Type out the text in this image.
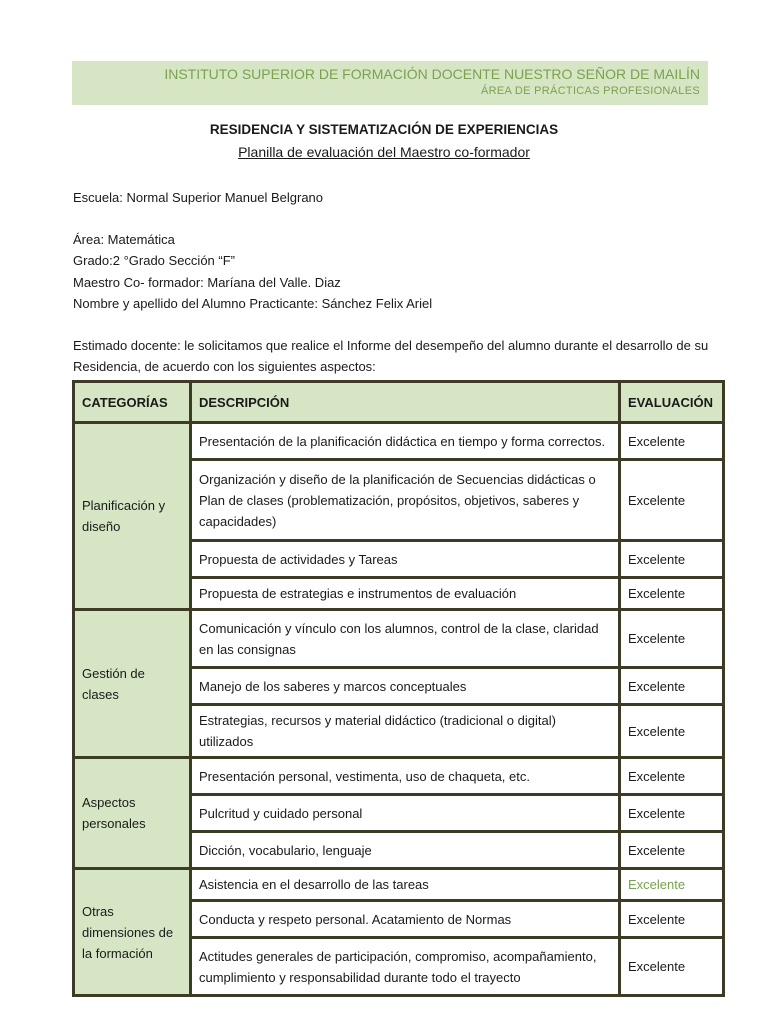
INSTITUTO SUPERIOR DE FORMACIÓN DOCENTE NUESTRO SEÑOR DE MAILÍN
ÁREA DE PRÁCTICAS PROFESIONALES
RESIDENCIA Y SISTEMATIZACIÓN DE EXPERIENCIAS
Planilla de evaluación del Maestro co-formador
Escuela: Normal Superior Manuel Belgrano
Área: Matemática
Grado:2 °Grado Sección “F”
Maestro Co- formador: Maríana del Valle. Diaz
Nombre y apellido del Alumno Practicante: Sánchez Felix Ariel
Estimado docente: le solicitamos que realice el Informe del desempeño del alumno durante el desarrollo de su Residencia, de acuerdo con los siguientes aspectos:
CATEGORÍAS	DESCRIPCIÓN	EVALUACIÓN
Planificación y diseño	Presentación de la planificación didáctica en tiempo y forma correctos.	Excelente
	Organización y diseño de la planificación de Secuencias didácticas o Plan de clases (problematización, propósitos, objetivos, saberes y capacidades)	Excelente
	Propuesta de actividades y Tareas	Excelente
	Propuesta de estrategias e instrumentos de evaluación	Excelente
Gestión de clases	Comunicación y vínculo con los alumnos, control de la clase, claridad en las consignas	Excelente
	Manejo de los saberes y marcos conceptuales	Excelente
	Estrategias, recursos y material didáctico (tradicional o digital) utilizados	Excelente
Aspectos personales	Presentación personal, vestimenta, uso de chaqueta, etc.	Excelente
	Pulcritud y cuidado personal	Excelente
	Dicción, vocabulario, lenguaje	Excelente
Otras dimensiones de la formación	Asistencia en el desarrollo de las tareas	Excelente
	Conducta y respeto personal. Acatamiento de Normas	Excelente
	Actitudes generales de participación, compromiso, acompañamiento, cumplimiento y responsabilidad durante todo el trayecto	Excelente
